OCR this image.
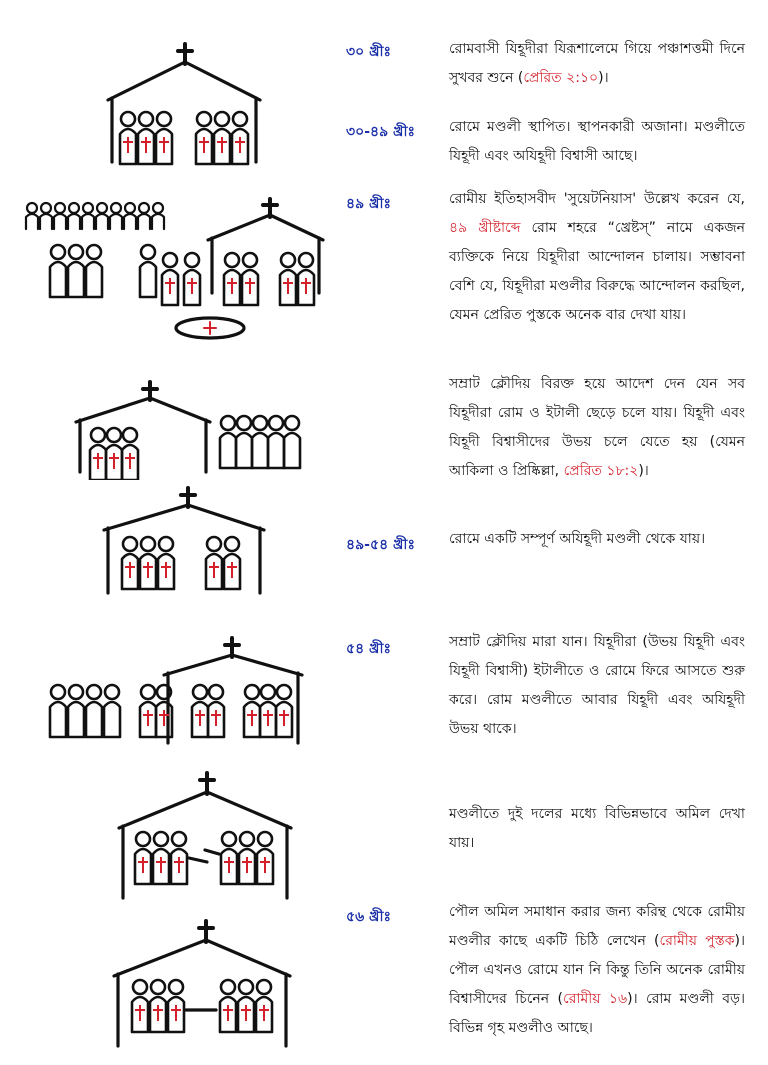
৩০ খ্রীঃ	রোমবাসী যিহূদীরা যিরূশালেমে গিয়ে পঞ্চাশত্তমী দিনে সুখবর শুনে (প্রেরিত ২:১০)।
৩০-৪৯ খ্রীঃ রোমে মণ্ডলী স্থাপিত। স্থাপনকারী অজানা। মণ্ডলীতে যিহূদী এবং অযিহূদী বিশ্বাসী আছে।
৪৯ খ্রীঃ	রোমীয় ইতিহাসবীদ 'সুয়েটনিয়াস' উল্লেখ করেন যে, ৪৯ খ্রীষ্টাব্দে রোম শহরে “খ্রেষ্টস্” নামে একজন ব্যক্তিকে নিয়ে যিহূদীরা আন্দোলন চালায়। সম্ভাবনা বেশি যে, যিহূদীরা মণ্ডলীর বিরুদ্ধে আন্দোলন করছিল, যেমন প্রেরিত পুস্তকে অনেক বার দেখা যায়।
সম্রাট ক্লৌদিয় বিরক্ত হয়ে আদেশ দেন যেন সব যিহূদীরা রোম ও ইটালী ছেড়ে চলে যায়। যিহূদী এবং যিহূদী বিশ্বাসীদের উভয় চলে যেতে হয় (যেমন আকিলা ও প্রিষ্কিল্লা, প্রেরিত ১৮:২)।
৪৯-৫৪ খ্রীঃ রোমে একটি সম্পূর্ণ অযিহূদী মণ্ডলী থেকে যায়।
৫৪ খ্রীঃ	সম্রাট ক্লৌদিয় মারা যান। যিহূদীরা (উভয় যিহূদী এবং যিহূদী বিশ্বাসী) ইটালীতে ও রোমে ফিরে আসতে শুরু করে। রোম মণ্ডলীতে আবার যিহূদী এবং অযিহূদী উভয় থাকে।
মণ্ডলীতে দুই দলের মধ্যে বিভিন্নভাবে অমিল দেখা যায়।
৫৬ খ্রীঃ	পৌল অমিল সমাধান করার জন্য করিন্থ থেকে রোমীয় মণ্ডলীর কাছে একটি চিঠি লেখেন (রোমীয় পুস্তক)। পৌল এখনও রোমে যান নি কিন্তু তিনি অনেক রোমীয় বিশ্বাসীদের চিনেন (রোমীয় ১৬)। রোম মণ্ডলী বড়। বিভিন্ন গৃহ মণ্ডলীও আছে।
